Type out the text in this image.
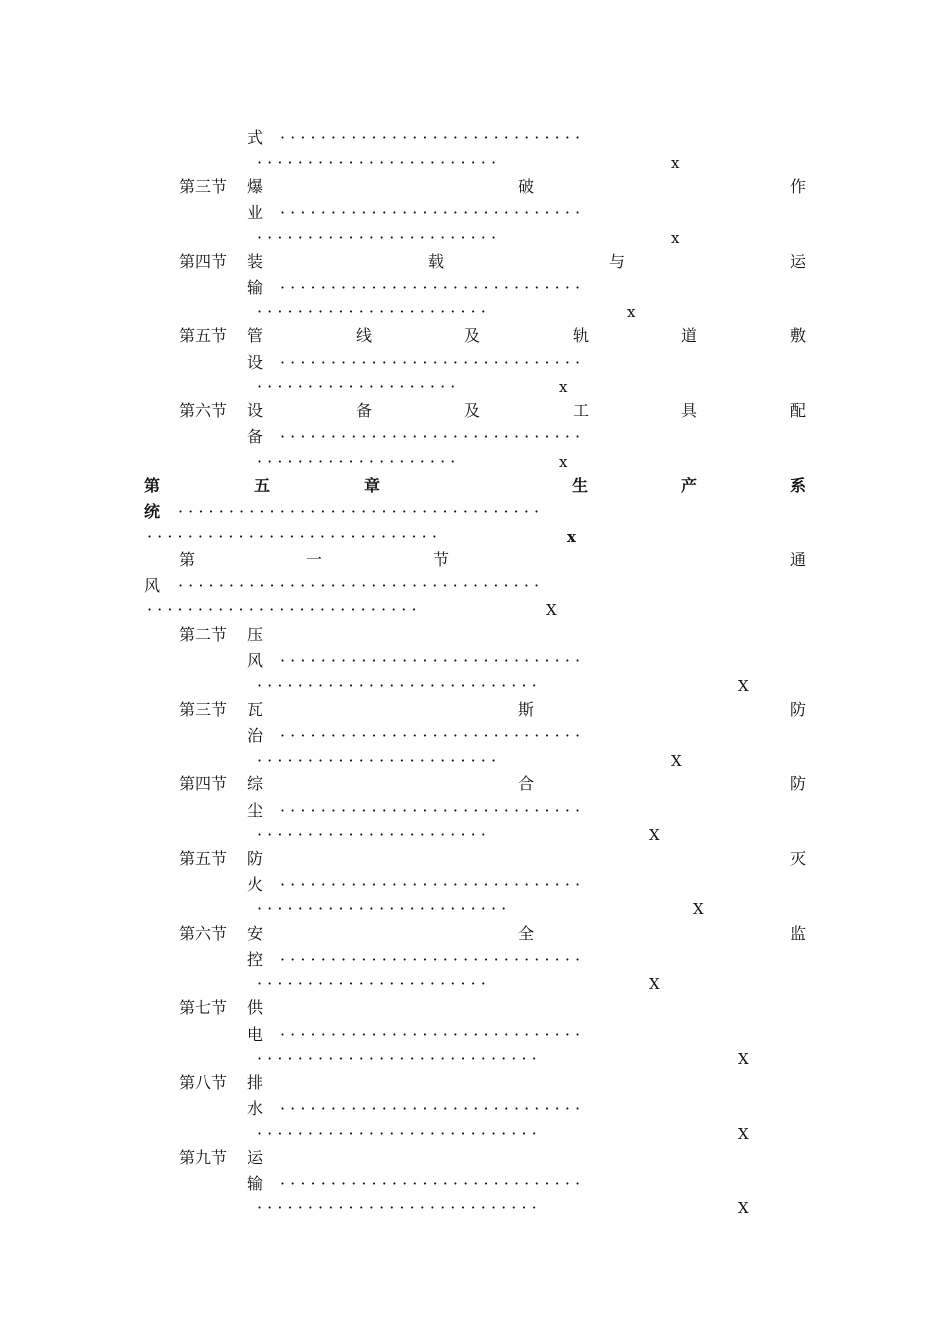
式 · · · · · · · · · · · · · · · · · · · · · · · · · · · · · ·
· · · · · · · · · · · · · · · · · · · · · · · ·	x
第三节 爆	破	作
业 · · · · · · · · · · · · · · · · · · · · · · · · · · · · · ·
· · · · · · · · · · · · · · · · · · · · · · · ·	x
第四节 装	载	与	运
输 · · · · · · · · · · · · · · · · · · · · · · · · · · · · · ·
· · · · · · · · · · · · · · · · · · · · · · ·	x
第五节 管	线	及	轨	道	敷
设 · · · · · · · · · · · · · · · · · · · · · · · · · · · · · ·
· · · · · · · · · · · · · · · · · · · ·	x
第六节 设	备	及	工	具	配
备 · · · · · · · · · · · · · · · · · · · · · · · · · · · · · ·
· · · · · · · · · · · · · · · · · · · ·	x
第	五	章	生	产	系
统 · · · · · · · · · · · · · · · · · · · · · · · · · · · · · · · · · · · ·
· · · · · · · · · · · · · · · · · · · · · · · · · · · · ·	x
第	一	节	通
风 · · · · · · · · · · · · · · · · · · · · · · · · · · · · · · · · · · · ·
· · · · · · · · · · · · · · · · · · · · · · · · · · ·	X
第二节 压
风 · · · · · · · · · · · · · · · · · · · · · · · · · · · · · ·
· · · · · · · · · · · · · · · · · · · · · · · · · · · ·	X
第三节 瓦	斯	防
治 · · · · · · · · · · · · · · · · · · · · · · · · · · · · · ·
· · · · · · · · · · · · · · · · · · · · · · · ·	X
第四节 综	合	防
尘 · · · · · · · · · · · · · · · · · · · · · · · · · · · · · ·
· · · · · · · · · · · · · · · · · · · · · · ·	X
第五节 防	灭
火 · · · · · · · · · · · · · · · · · · · · · · · · · · · · · ·
· · · · · · · · · · · · · · · · · · · · · · · · ·	X
第六节 安	全	监
控 · · · · · · · · · · · · · · · · · · · · · · · · · · · · · ·
· · · · · · · · · · · · · · · · · · · · · · ·	X
第七节 供
电 · · · · · · · · · · · · · · · · · · · · · · · · · · · · · ·
· · · · · · · · · · · · · · · · · · · · · · · · · · · ·	X
第八节 排
水 · · · · · · · · · · · · · · · · · · · · · · · · · · · · · ·
· · · · · · · · · · · · · · · · · · · · · · · · · · · ·	X
第九节 运
输 · · · · · · · · · · · · · · · · · · · · · · · · · · · · · ·
· · · · · · · · · · · · · · · · · · · · · · · · · · · ·	X
